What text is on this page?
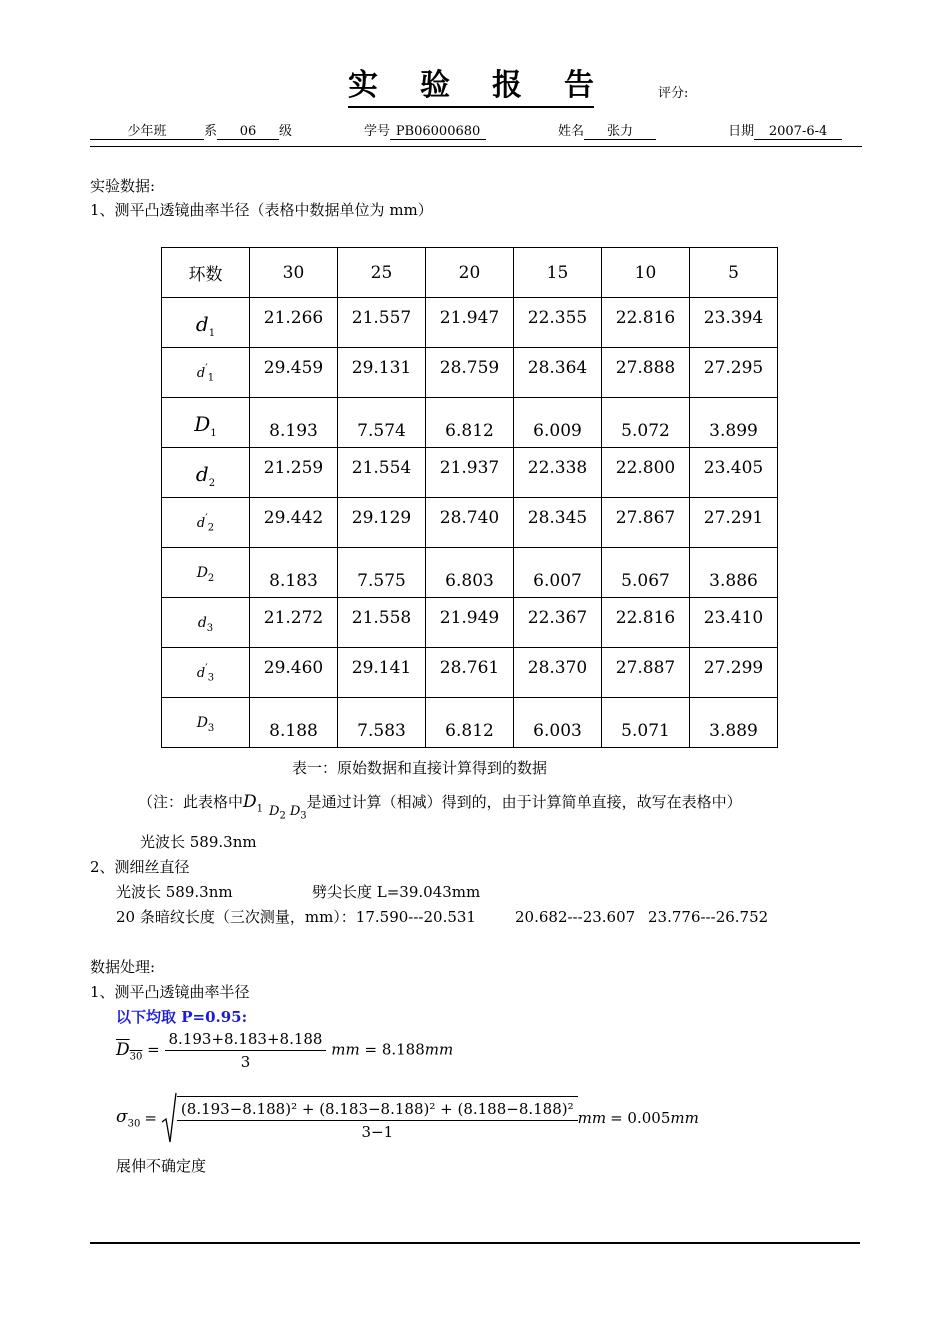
实 验 报 告	评分:
少年班	系 06 级	学号 PB06000680	姓名 张力	日期 2007-6-4
实验数据:
1、测平凸透镜曲率半径（表格中数据单位为 mm）
环数	30	25	20	15	10	5
$d_1$	21.266	21.557	21.947	22.355	22.816	23.394
$d'_1$	29.459	29.131	28.759	28.364	27.888	27.295
$D_1$	8.193	7.574	6.812	6.009	5.072	3.899
$d_2$	21.259	21.554	21.937	22.338	22.800	23.405
$d'_2$	29.442	29.129	28.740	28.345	27.867	27.291
$D_2$	8.183	7.575	6.803	6.007	5.067	3.886
$d_3$	21.272	21.558	21.949	22.367	22.816	23.410
$d'_3$	29.460	29.141	28.761	28.370	27.887	27.299
$D_3$	8.188	7.583	6.812	6.003	5.071	3.889
表一：原始数据和直接计算得到的数据
（注：此表格中$D_1$ $D_2$ $D_3$是通过计算（相减）得到的，由于计算简单直接，故写在表格中）
光波长 589.3nm
2、测细丝直径
光波长 589.3nm	劈尖长度 L=39.043mm
20 条暗纹长度（三次测量，mm）：17.590---20.531	20.682---23.607 23.776---26.752
数据处理:
1、测平凸透镜曲率半径
以下均取 P=0.95:
$D_{30} = \frac{8.193+8.183+8.188}{3}$ mm = 8.188mm
$\sigma_{30} = \frac{\text{(8.193−8.188)² + (8.183−8.188)² + (8.188−8.188)²}}{3-1}$ mm = 0.005 mm
展伸不确定度
